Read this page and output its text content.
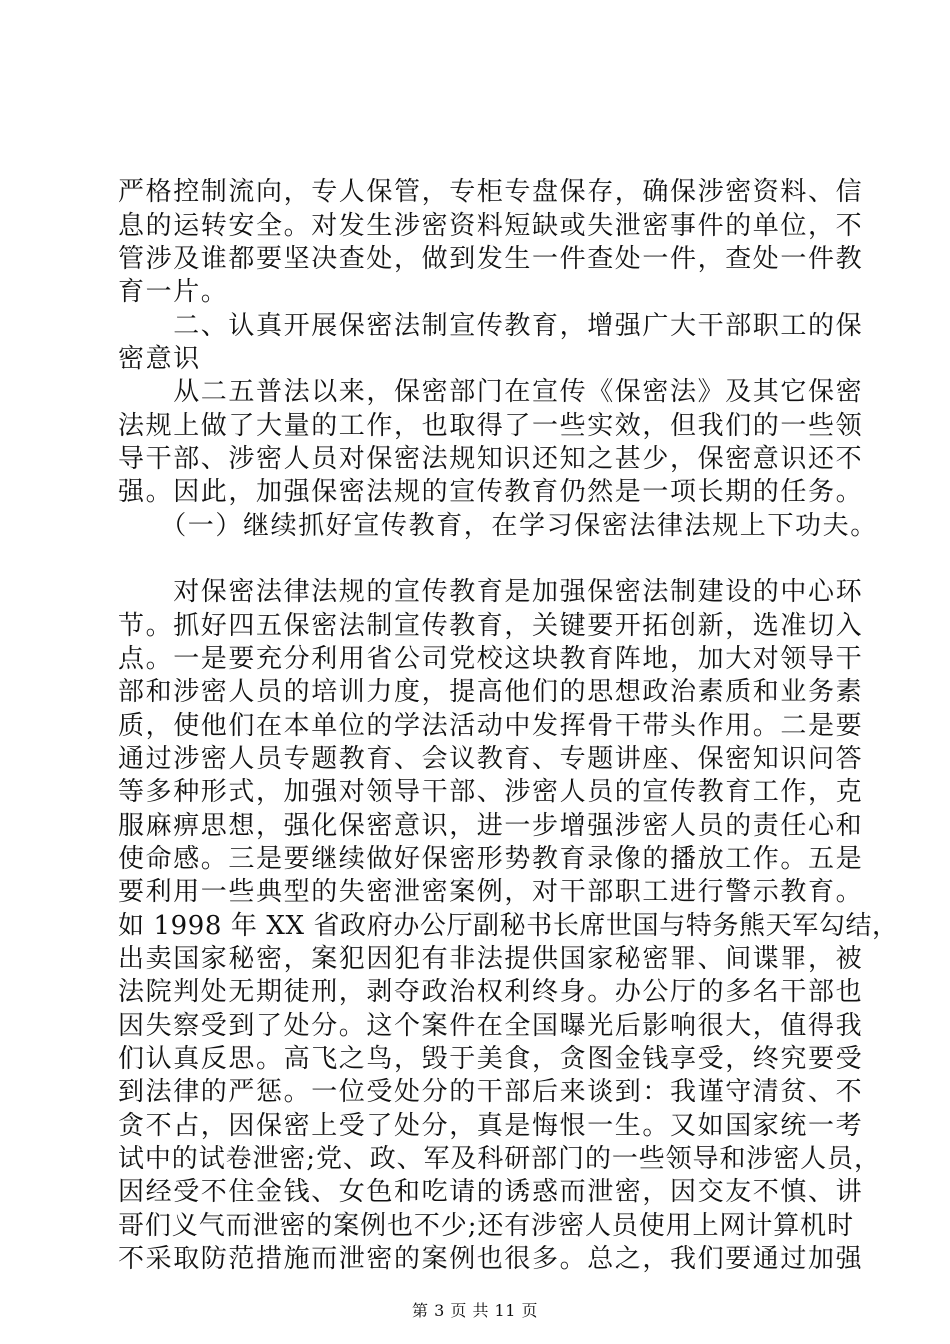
严格控制流向，专人保管，专柜专盘保存，确保涉密资料、信
息的运转安全。对发生涉密资料短缺或失泄密事件的单位，不
管涉及谁都要坚决查处，做到发生一件查处一件，查处一件教
育一片。
　　二、认真开展保密法制宣传教育，增强广大干部职工的保
密意识
　　从二五普法以来，保密部门在宣传《保密法》及其它保密
法规上做了大量的工作，也取得了一些实效，但我们的一些领
导干部、涉密人员对保密法规知识还知之甚少，保密意识还不
强。因此，加强保密法规的宣传教育仍然是一项长期的任务。
　　（一）继续抓好宣传教育，在学习保密法律法规上下功夫。
　　对保密法律法规的宣传教育是加强保密法制建设的中心环
节。抓好四五保密法制宣传教育，关键要开拓创新，选准切入
点。一是要充分利用省公司党校这块教育阵地，加大对领导干
部和涉密人员的培训力度，提高他们的思想政治素质和业务素
质，使他们在本单位的学法活动中发挥骨干带头作用。二是要
通过涉密人员专题教育、会议教育、专题讲座、保密知识问答
等多种形式，加强对领导干部、涉密人员的宣传教育工作，克
服麻痹思想，强化保密意识，进一步增强涉密人员的责任心和
使命感。三是要继续做好保密形势教育录像的播放工作。五是
要利用一些典型的失密泄密案例，对干部职工进行警示教育。
如 1998 年 XX 省政府办公厅副秘书长席世国与特务熊天军勾结，
出卖国家秘密，案犯因犯有非法提供国家秘密罪、间谍罪，被
法院判处无期徒刑，剥夺政治权利终身。办公厅的多名干部也
因失察受到了处分。这个案件在全国曝光后影响很大，值得我
们认真反思。高飞之鸟，毁于美食，贪图金钱享受，终究要受
到法律的严惩。一位受处分的干部后来谈到：我谨守清贫、不
贪不占，因保密上受了处分，真是悔恨一生。又如国家统一考
试中的试卷泄密;党、政、军及科研部门的一些领导和涉密人员，
因经受不住金钱、女色和吃请的诱惑而泄密，因交友不慎、讲
哥们义气而泄密的案例也不少;还有涉密人员使用上网计算机时
不采取防范措施而泄密的案例也很多。总之，我们要通过加强
第 3 页 共 11 页
